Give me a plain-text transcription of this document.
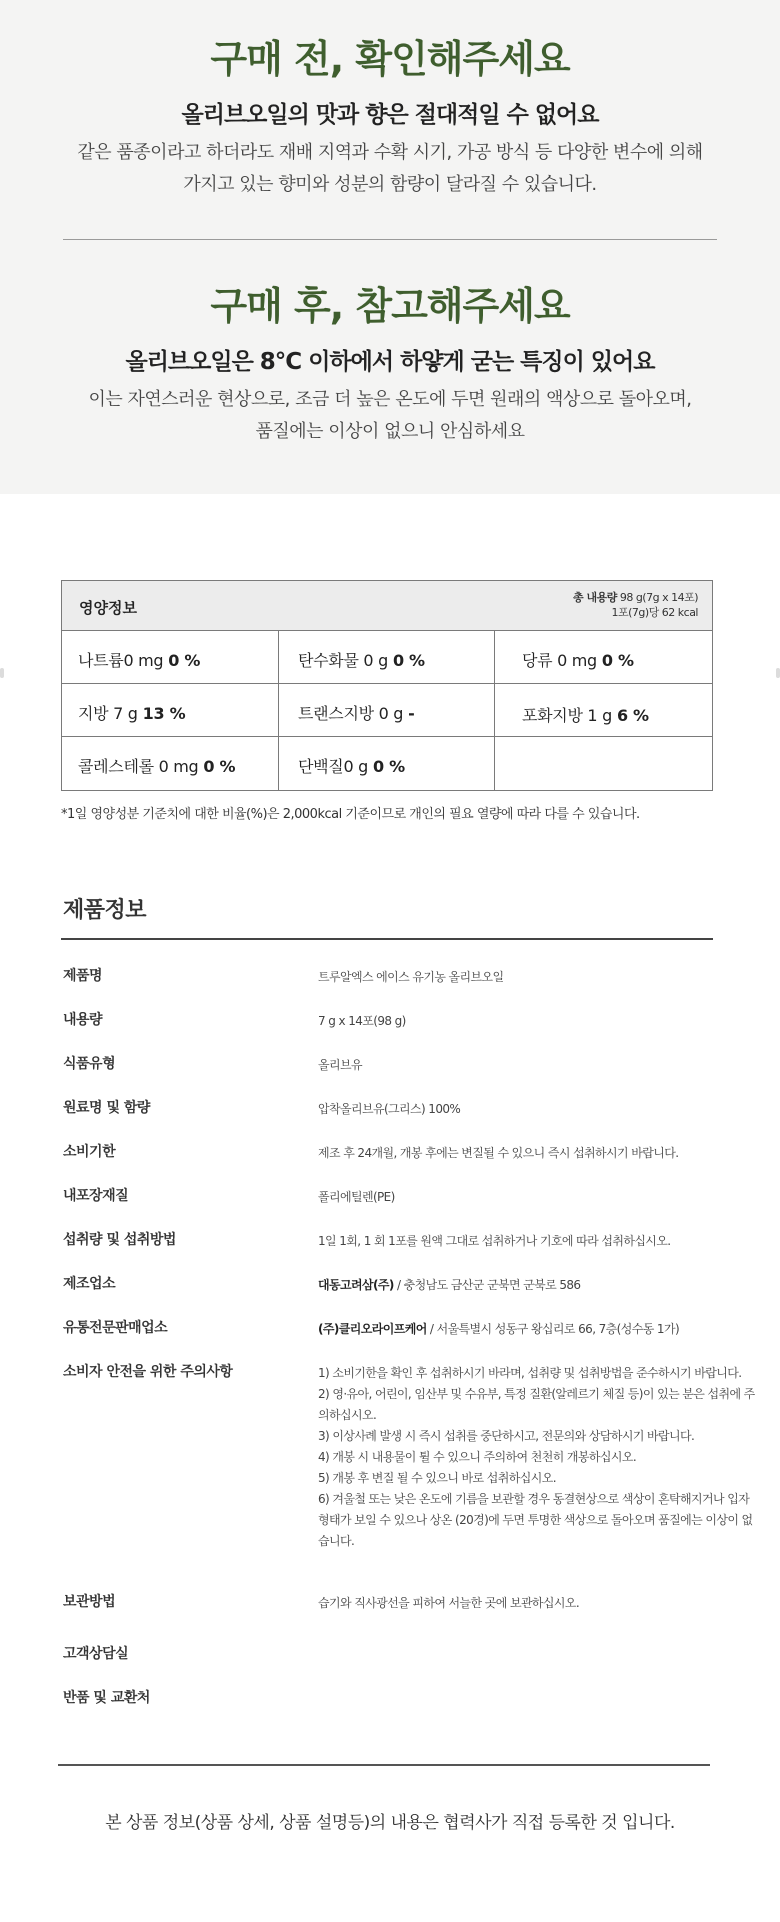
구매 전, 확인해주세요
올리브오일의 맛과 향은 절대적일 수 없어요
같은 품종이라고 하더라도 재배 지역과 수확 시기, 가공 방식 등 다양한 변수에 의해
가지고 있는 향미와 성분의 함량이 달라질 수 있습니다.
구매 후, 참고해주세요
올리브오일은 8°C 이하에서 하얗게 굳는 특징이 있어요
이는 자연스러운 현상으로, 조금 더 높은 온도에 두면 원래의 액상으로 돌아오며,
품질에는 이상이 없으니 안심하세요
영양정보
총 내용량 98 g(7g x 14포)
1포(7g)당 62 kcal
나트륨0 mg 0 %	탄수화물 0 g 0 %	당류 0 mg 0 %
지방 7 g 13 %	트랜스지방 0 g -	포화지방 1 g 6 %
콜레스테롤 0 mg 0 %	단백질0 g 0 %
*1일 영양성분 기준치에 대한 비율(%)은 2,000kcal 기준이므로 개인의 필요 열량에 따라 다를 수 있습니다.
제품정보
제품명	트루알엑스 에이스 유기농 올리브오일
내용량	7 g x 14포(98 g)
식품유형	올리브유
원료명 및 함량	압착올리브유(그리스) 100%
소비기한	제조 후 24개월, 개봉 후에는 변질될 수 있으니 즉시 섭취하시기 바랍니다.
내포장재질	폴리에틸렌(PE)
섭취량 및 섭취방법	1일 1회, 1 회 1포를 원액 그대로 섭취하거나 기호에 따라 섭취하십시오.
제조업소	대동고려삼(주) / 충청남도 금산군 군북면 군북로 586
유통전문판매업소	(주)클리오라이프케어 / 서울특별시 성동구 왕십리로 66, 7층(성수동 1가)
소비자 안전을 위한 주의사항	1) 소비기한을 확인 후 섭취하시기 바라며, 섭취량 및 섭취방법을 준수하시기 바랍니다.
2) 영·유아, 어린이, 임산부 및 수유부, 특정 질환(알레르기 체질 등)이 있는 분은 섭취에 주의하십시오.
3) 이상사례 발생 시 즉시 섭취를 중단하시고, 전문의와 상담하시기 바랍니다.
4) 개봉 시 내용물이 튈 수 있으니 주의하여 천천히 개봉하십시오.
5) 개봉 후 변질 될 수 있으니 바로 섭취하십시오.
6) 겨울철 또는 낮은 온도에 기름을 보관할 경우 동결현상으로 색상이 혼탁해지거나 입자 형태가 보일 수 있으나 상온 (20경)에 두면 투명한 색상으로 돌아오며 품질에는 이상이 없습니다.
보관방법	습기와 직사광선을 피하여 서늘한 곳에 보관하십시오.
고객상담실
반품 및 교환처
본 상품 정보(상품 상세, 상품 설명등)의 내용은 협력사가 직접 등록한 것 입니다.
